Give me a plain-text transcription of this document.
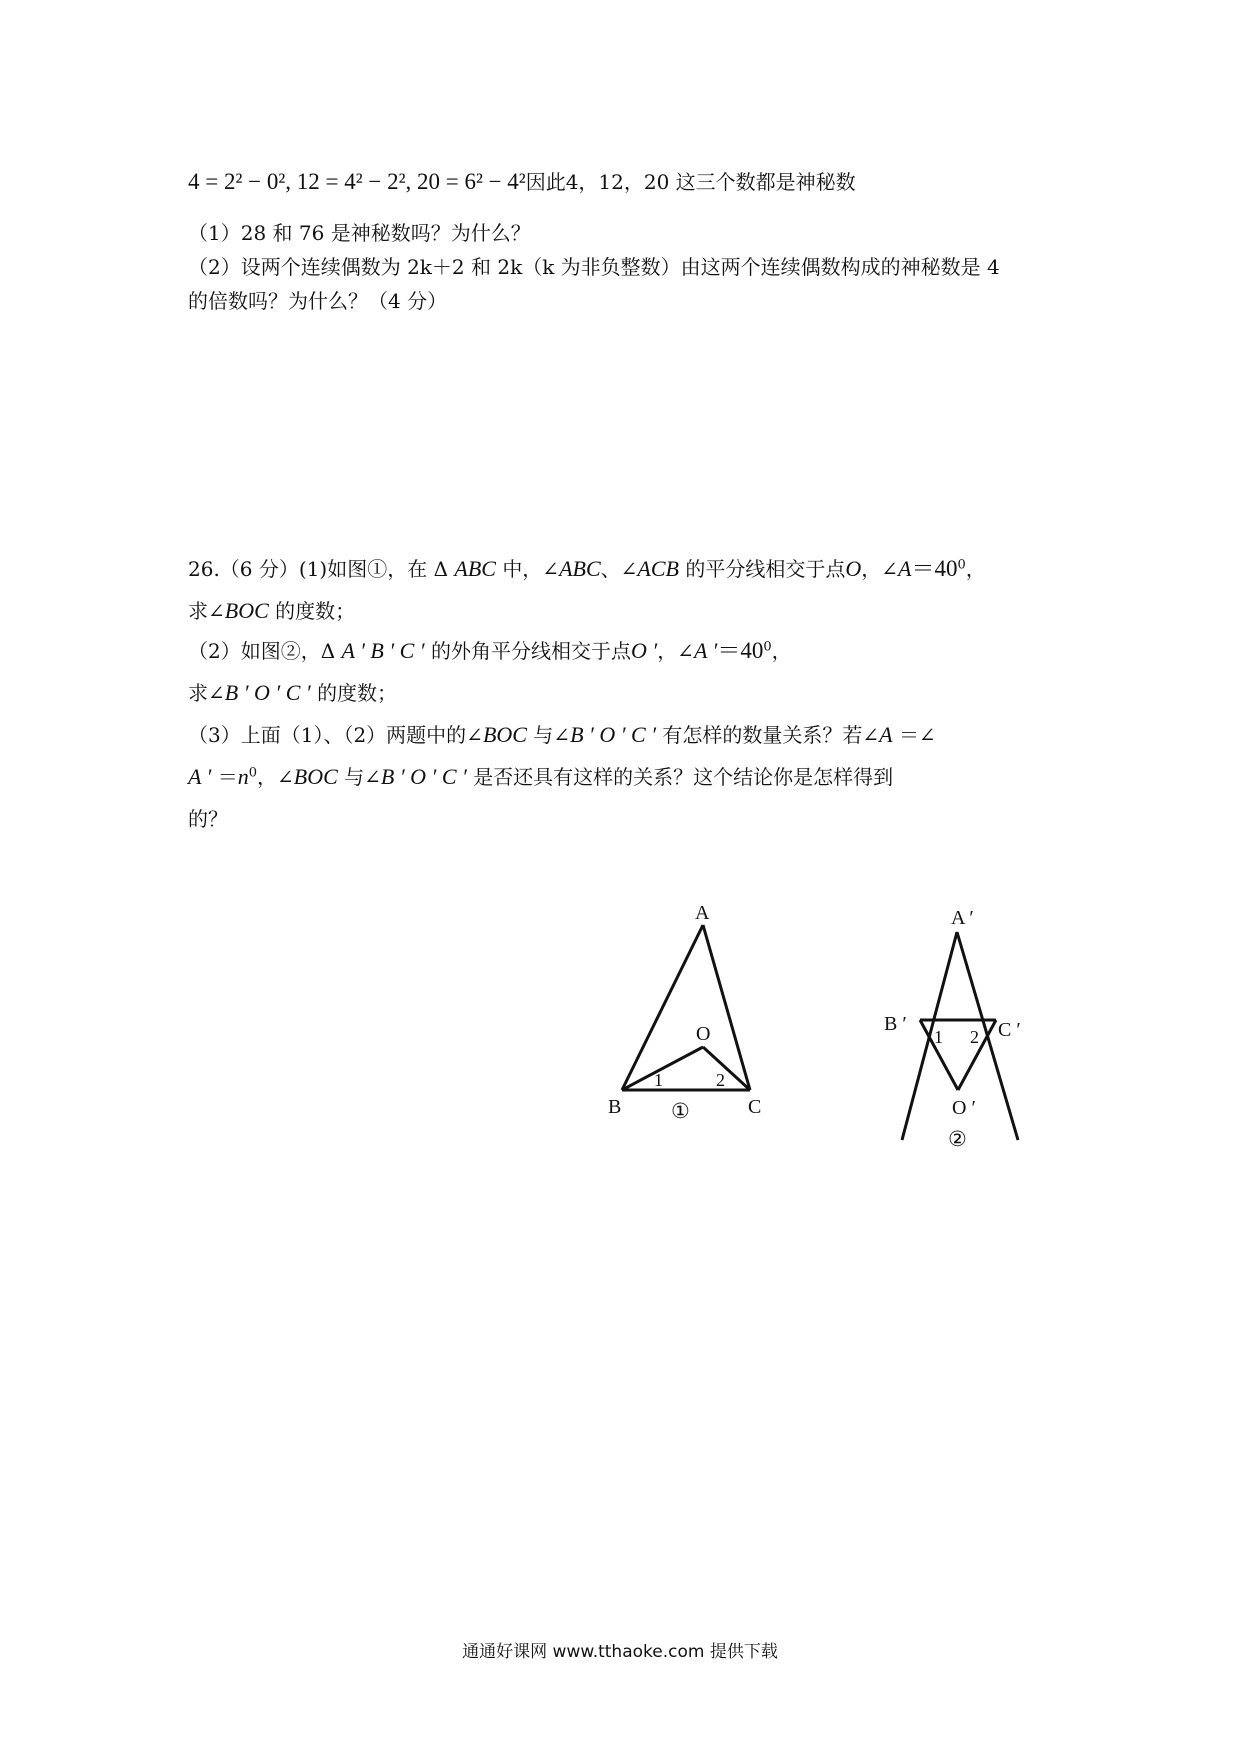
4 = 2² − 0², 12 = 4² − 2², 20 = 6² − 4²因此4，12，20 这三个数都是神秘数
（1）28 和 76 是神秘数吗？为什么？
（2）设两个连续偶数为 2k＋2 和 2k（k 为非负整数）由这两个连续偶数构成的神秘数是 4
的倍数吗？为什么？（4 分）
26.（6 分）(1)如图①，在 Δ ABC 中，∠ABC、∠ACB 的平分线相交于点O，$\angle A=40^0$，
求∠BOC 的度数；
（2）如图②，Δ A ′ B ′ C ′ 的外角平分线相交于点O ′，∠A $'=40^0$，
求∠B ′ O ′ C ′ 的度数；
（3）上面（1）、（2）两题中的∠BOC 与∠B ′ O ′ C ′ 有怎样的数量关系？若∠A ＝∠
A ′ $=n^0$，∠BOC 与∠B ′ O ′ C ′ 是否还具有这样的关系？这个结论你是怎样得到
的？
A
O
B	C
1	2
①
A ′
B ′	C ′
O ′
1 2
②
通通好课网 www.tthaoke.com 提供下载
